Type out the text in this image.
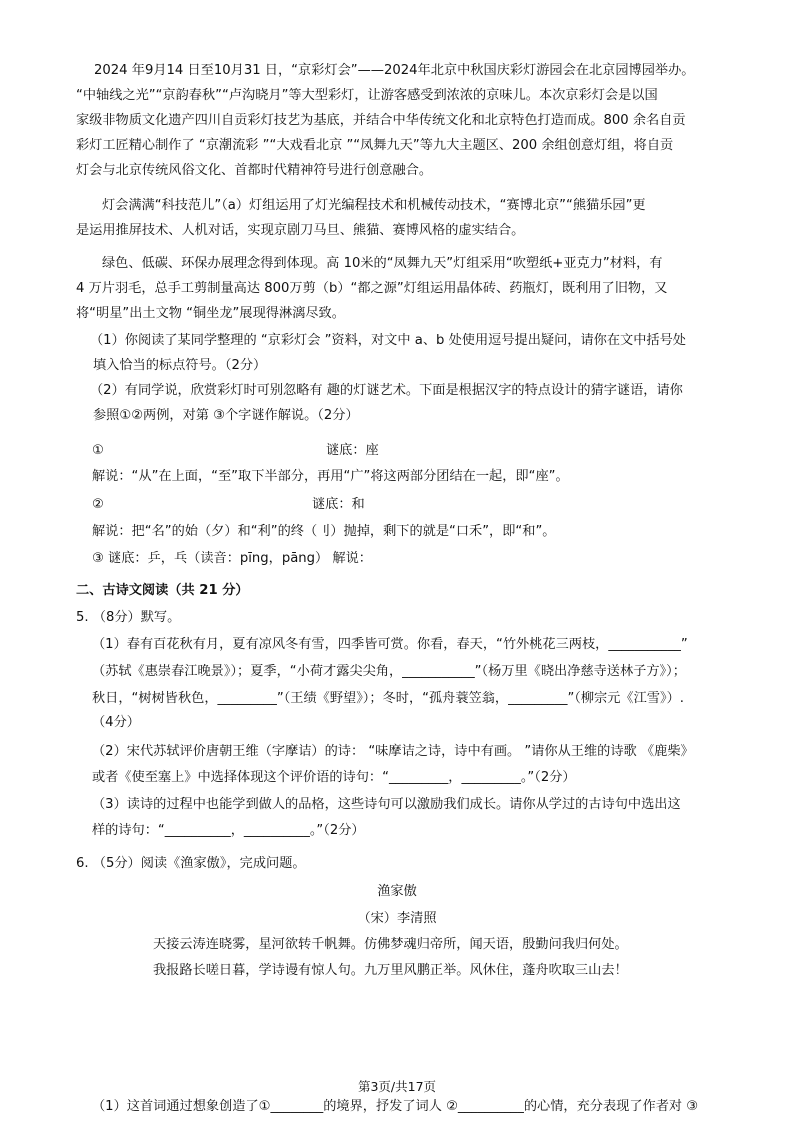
2024 年9月14 日至10月31 日，“京彩灯会”——2024年北京中秋国庆彩灯游园会在北京园博园举办。
“中轴线之光”“京韵春秋”“卢沟晓月”等大型彩灯，让游客感受到浓浓的京味儿。本次京彩灯会是以国
家级非物质文化遗产四川自贡彩灯技艺为基底，并结合中华传统文化和北京特色打造而成。800 余名自贡
彩灯工匠精心制作了 “京潮流彩 ”“大戏看北京 ”“凤舞九天”等九大主题区、200 余组创意灯组，将自贡
灯会与北京传统风俗文化、首都时代精神符号进行创意融合。
灯会满满“科技范儿”（a）灯组运用了灯光编程技术和机械传动技术，“赛博北京”“熊猫乐园”更
是运用推屏技术、人机对话，实现京剧刀马旦、熊猫、赛博风格的虚实结合。
绿色、低碳、环保办展理念得到体现。高 10米的“凤舞九天”灯组采用“吹塑纸+亚克力”材料，有
4 万片羽毛，总手工剪制量高达 800万剪（b）“都之源”灯组运用晶体砖、药瓶灯，既利用了旧物，又
将“明星”出土文物 “铜坐龙”展现得淋漓尽致。
（1）你阅读了某同学整理的 “京彩灯会 ”资料，对文中 a、b 处使用逗号提出疑问，请你在文中括号处
填入恰当的标点符号。（2分）
（2）有同学说，欣赏彩灯时可别忽略有 趣的灯谜艺术。下面是根据汉字的特点设计的猜字谜语，请你
参照①②两例，对第 ③个字谜作解说。（2分）
①	谜底：座
解说：“从”在上面，“至”取下半部分，再用“广”将这两部分团结在一起，即“座”。
②	谜底：和
解说：把“名”的始（夕）和“利”的终（刂）抛掉，剩下的就是“口禾”，即“和”。
③ 谜底：乒，乓（读音：pīng，pāng） 解说：
二、古诗文阅读（共 21 分）
5. （8分）默写。
（1）春有百花秋有月，夏有凉风冬有雪，四季皆可赏。你看，春天，“竹外桃花三两枝，___________”
（苏轼《惠崇春江晚景》）；夏季，“小荷才露尖尖角，___________”（杨万里《晓出净慈寺送林子方》）；
秋日，“树树皆秋色，_________”（王绩《野望》）；冬时，“孤舟蓑笠翁，_________”（柳宗元《江雪》）.
（4分）
（2）宋代苏轼评价唐朝王维（字摩诘）的诗： “味摩诘之诗，诗中有画。 ”请你从王维的诗歌 《鹿柴》
或者《使至塞上》中选择体现这个评价语的诗句：“_________，_________。”（2分）
（3）读诗的过程中也能学到做人的品格，这些诗句可以激励我们成长。请你从学过的古诗句中选出这
样的诗句：“__________，__________。”（2分）
6. （5分）阅读《渔家傲》，完成问题。
渔家傲
（宋）李清照
天接云涛连晓雾，星河欲转千帆舞。仿佛梦魂归帝所，闻天语，殷勤问我归何处。
我报路长嗟日暮，学诗谩有惊人句。九万里风鹏正举。风休住，蓬舟吹取三山去！
第3页/共17页
（1）这首词通过想象创造了①________的境界，抒发了词人 ②__________的心情，充分表现了作者对 ③
